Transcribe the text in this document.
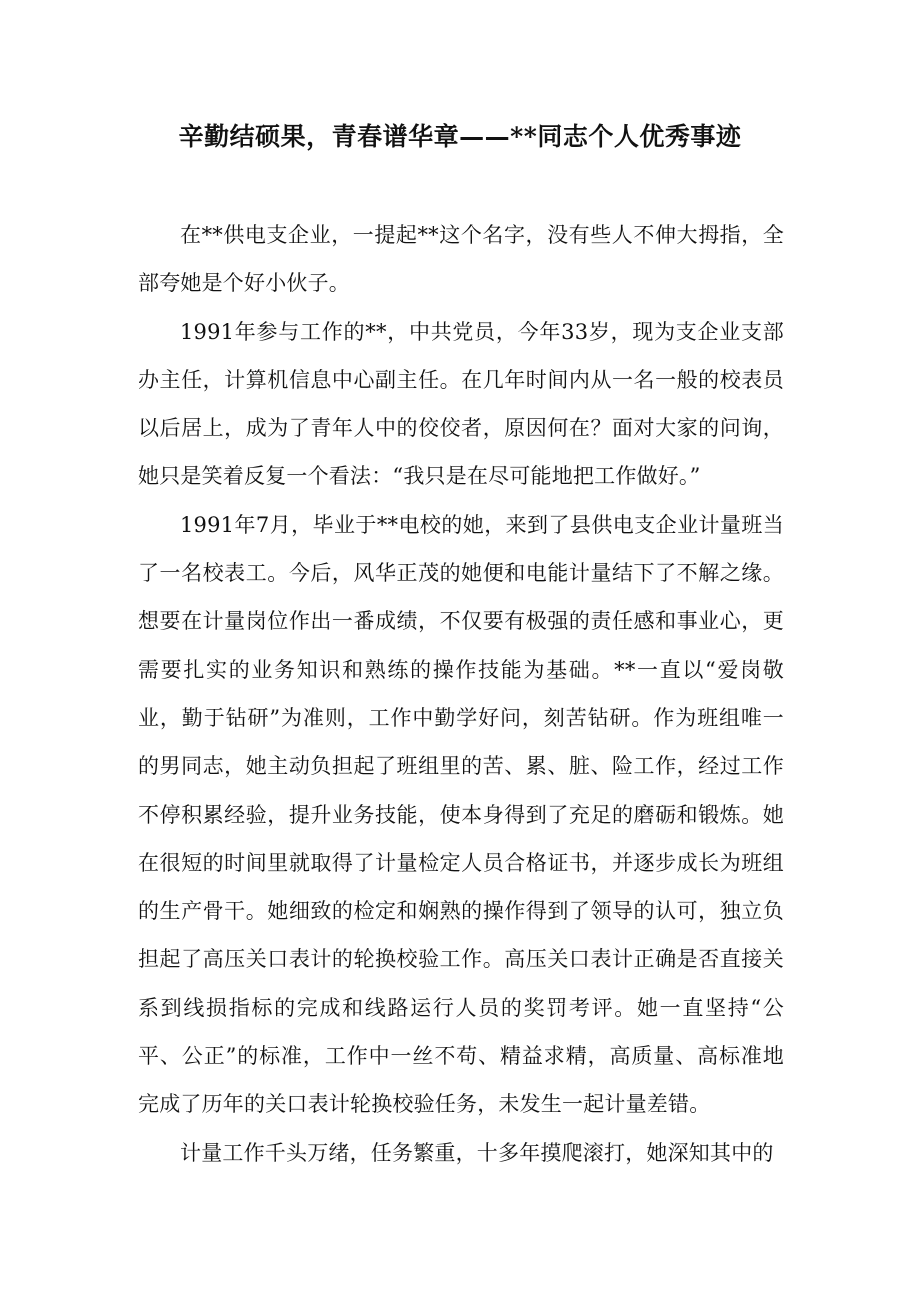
辛勤结硕果，青春谱华章——**同志个人优秀事迹

在**供电支企业，一提起**这个名字，没有些人不伸大拇指，全部夸她是个好小伙子。

1991年参与工作的**，中共党员，今年33岁，现为支企业支部办主任，计算机信息中心副主任。在几年时间内从一名一般的校表员以后居上，成为了青年人中的佼佼者，原因何在？面对大家的问询，她只是笑着反复一个看法：“我只是在尽可能地把工作做好。”

1991年7月，毕业于**电校的她，来到了县供电支企业计量班当了一名校表工。今后，风华正茂的她便和电能计量结下了不解之缘。想要在计量岗位作出一番成绩，不仅要有极强的责任感和事业心，更需要扎实的业务知识和熟练的操作技能为基础。**一直以“爱岗敬业，勤于钻研”为准则，工作中勤学好问，刻苦钻研。作为班组唯一的男同志，她主动负担起了班组里的苦、累、脏、险工作，经过工作不停积累经验，提升业务技能，使本身得到了充足的磨砺和锻炼。她在很短的时间里就取得了计量检定人员合格证书，并逐步成长为班组的生产骨干。她细致的检定和娴熟的操作得到了领导的认可，独立负担起了高压关口表计的轮换校验工作。高压关口表计正确是否直接关系到线损指标的完成和线路运行人员的奖罚考评。她一直坚持“公平、公正”的标准，工作中一丝不苟、精益求精，高质量、高标准地完成了历年的关口表计轮换校验任务，未发生一起计量差错。

计量工作千头万绪，任务繁重，十多年摸爬滚打，她深知其中的
